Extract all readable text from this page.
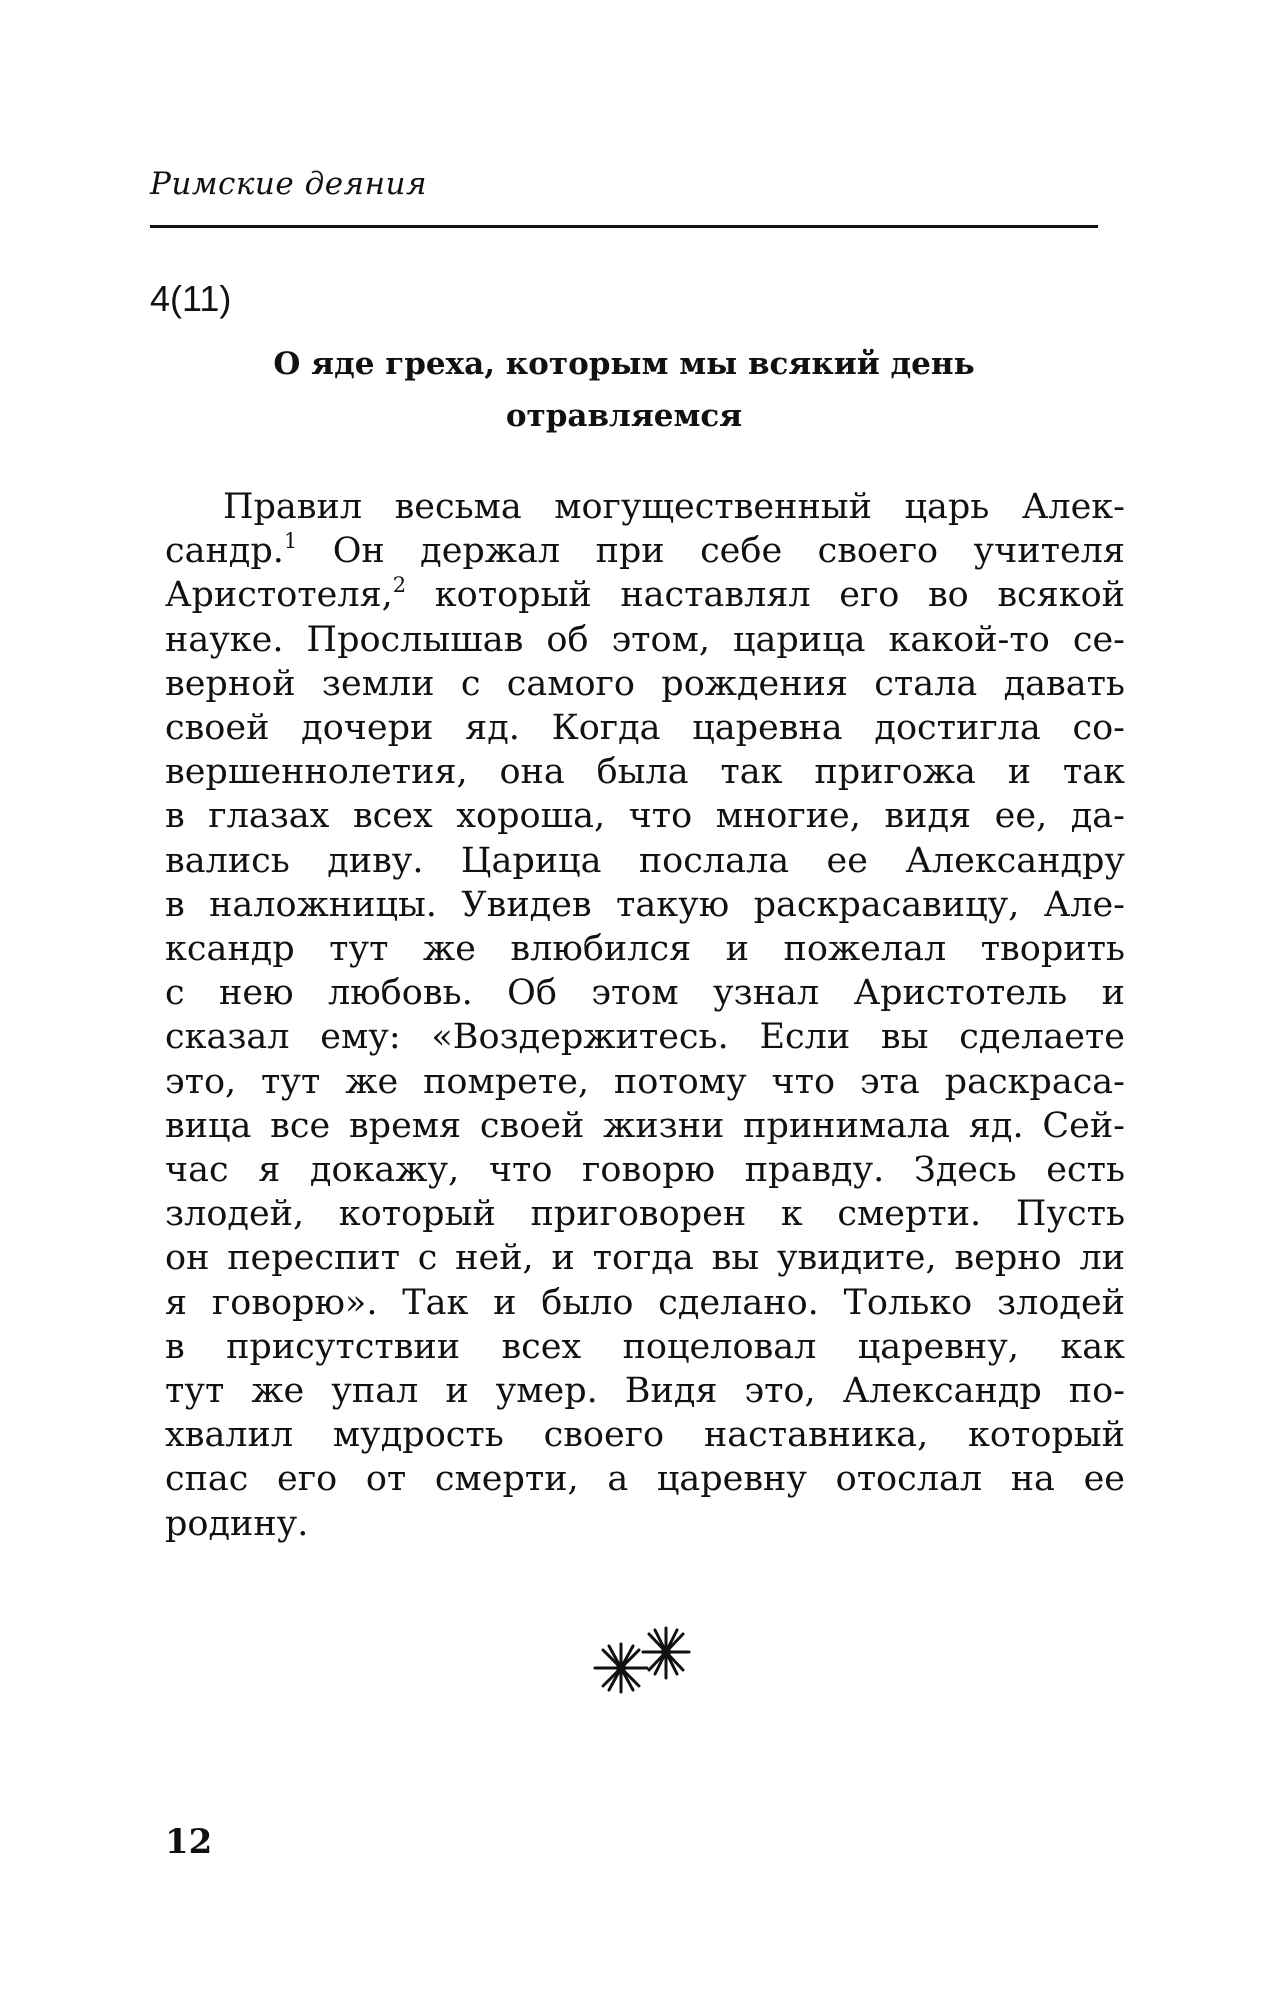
Римские деяния
4(11)
О яде греха, которым мы всякий день
отравляемся
Правил весьма могущественный царь Алек-
сандр.$^1$ Он держал при себе своего учителя
Аристотеля,$^2$ который наставлял его во всякой
науке. Прослышав об этом, царица какой-то се-
верной земли с самого рождения стала давать
своей дочери яд. Когда царевна достигла со-
вершеннолетия, она была так пригожа и так
в глазах всех хороша, что многие, видя ее, да-
вались диву. Царица послала ее Александру
в наложницы. Увидев такую раскрасавицу, Але-
ксандр тут же влюбился и пожелал творить
с нею любовь. Об этом узнал Аристотель и
сказал ему: «Воздержитесь. Если вы сделаете
это, тут же помрете, потому что эта раскраса-
вица все время своей жизни принимала яд. Сей-
час я докажу, что говорю правду. Здесь есть
злодей, который приговорен к смерти. Пусть
он переспит с ней, и тогда вы увидите, верно ли
я говорю». Так и было сделано. Только злодей
в присутствии всех поцеловал царевну, как
тут же упал и умер. Видя это, Александр по-
хвалил мудрость своего наставника, который
спас его от смерти, а царевну отослал на ее
родину.
12
